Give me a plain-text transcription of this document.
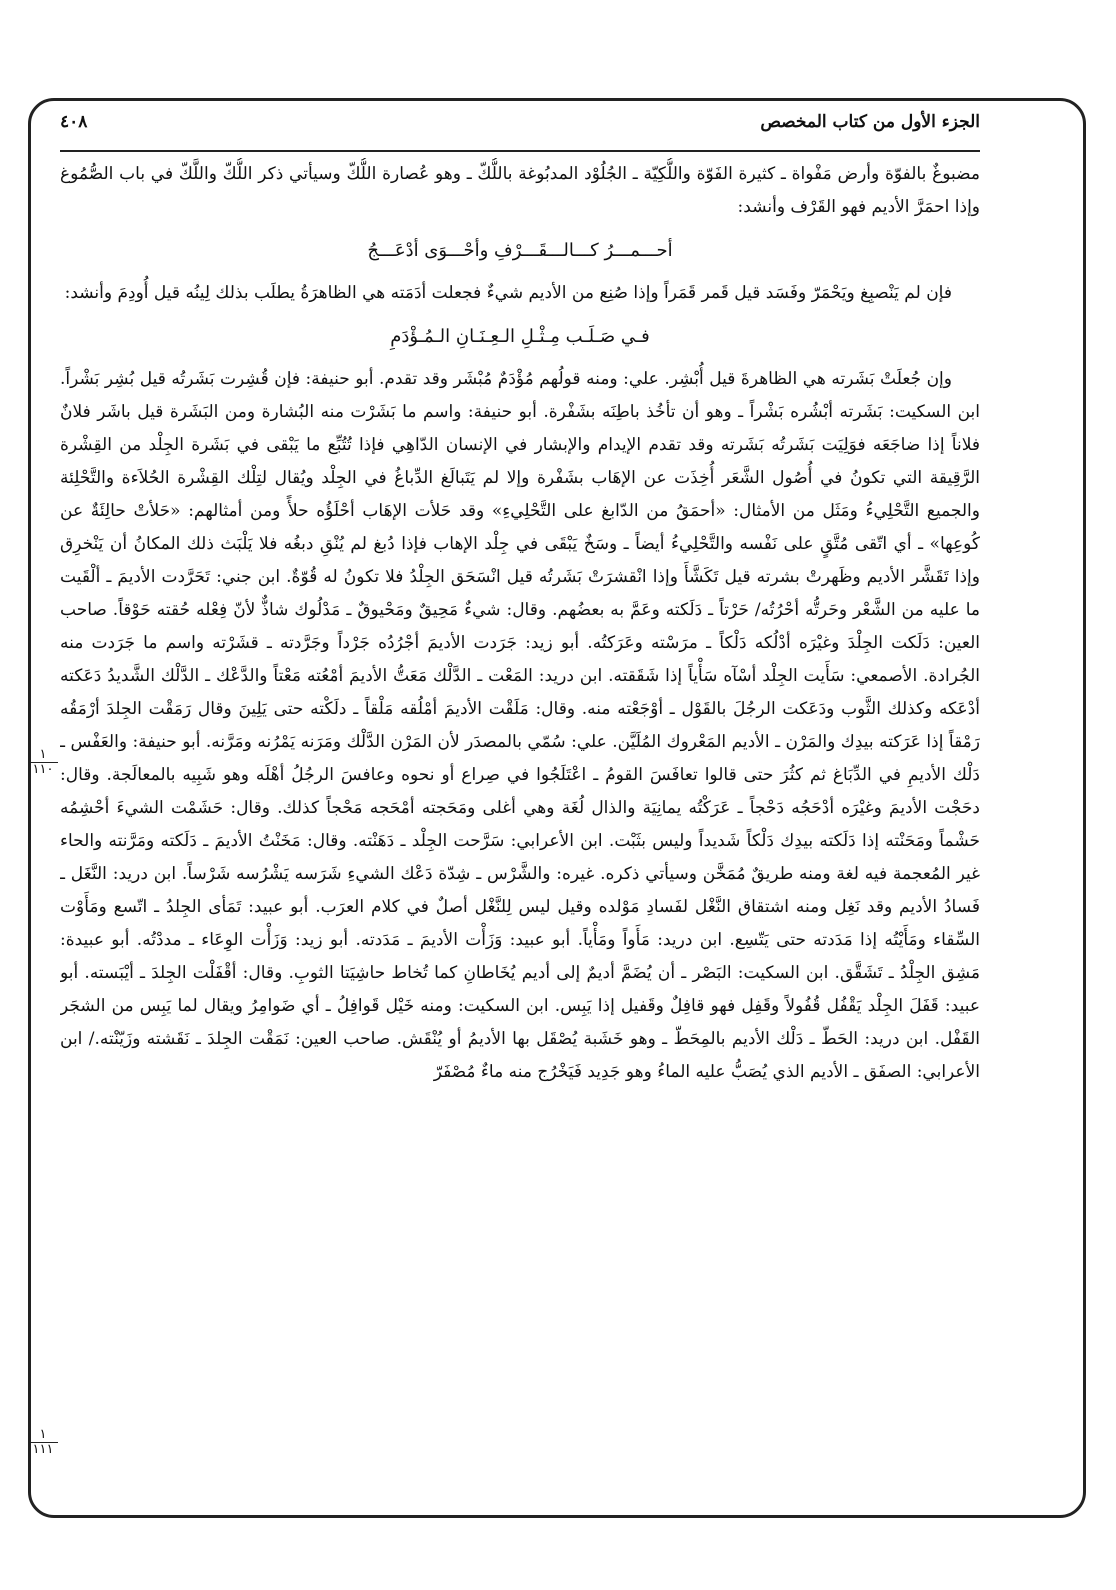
الجزء الأول من كتاب المخصص
٤٠٨

مضبوغٌ بالفوّة وأرض مَفْواة ـ كثيرة الفَوّة واللُّكِيّة ـ الجُلُوْد المدبُوغة باللُّكّ ـ وهو عُصارة اللُّكّ وسيأتي ذكر اللُّكّ واللَّكّ في باب الصُّمُوغ وإذا احمَرَّ الأديم فهو القَرْف وأنشد:

أحـــمـــرُ كـــالـــقَـــرْفِ وأحْـــوَى أدْعَـــجُ

فإن لم يَنْصبِغ ويَحْمَرّ وفَسَد قيل قَمر قَمَراً وإذا صُنِع من الأديم شيءٌ فجعلت أدَمَته هي الظاهرَةُ يطلَب بذلك لِينُه قيل أُودِمَ وأنشد:

فـي صَـلَـب مِـثْـلِ الـعِـنَـانِ الـمُـؤْدَمِ

وإن جُعلَتْ بَشَرته هي الظاهرةَ قيل أُبْشِر. علي: ومنه قولُهم مُؤْدَمٌ مُبْشَر وقد تقدم. أبو حنيفة: فإن قُشِرت بَشَرتُه قيل بُشِر بَشْراً. ابن السكيت: بَشَرته أبْشُره بَشْراً ـ وهو أن تأخُذ باطِنَه بشَفْرة. أبو حنيفة: واسم ما بَشَرْت منه البُشارة ومن البَشَرة قيل باشَر فلانٌ فلاناً إذا ضاجَعَه فوَلِيَت بَشَرتُه بَشَرته وقد تقدم الإيدام والإبشار في الإنسان الدّاهِي فإذا تُتُبِّع ما يَبْقى في بَشَرة الجِلْد من القِشْرة الرَّقِيقة التي تكونُ في أُصُول الشَّعَر أُخِذَت عن الإهَاب بشَفْرة وإلا لم يَتَبالَغ الدِّباغُ في الجِلْد ويُقال لتِلْك القِشْرة الحُلاَءة والتَّحْلِئة والجميع التَّحْلِيءُ ومَثَل من الأمثال: «أحمَقُ من الدّابغ على التَّحْلِيءِ» وقد حَلأت الإهَاب أحْلَؤُه حلأً ومن أمثالهم: «حَلأتْ حالِئَةٌ عن كُوعِها» ـ أي اتّقى مُتَّقٍ على نَفْسه والتَّحْلِيءُ أيضاً ـ وسَخٌ يَبْقَى في جِلْد الإهاب فإذا دُبغ لم يُنْقِ دبغُه فلا يَلْبَث ذلك المكانُ أن يَنْخرِق وإذا تَقَشَّر الأديم وظَهرتْ بشرته قيل تَكَشَّأَ وإذا انْقشرَتْ بَشَرتُه قيل انْسَحَق الجِلْدُ فلا تكونُ له قُوّةٌ. ابن جني: تَحَرَّدت الأديمَ ـ ألْقَيت ما عليه من الشَّعْر وحَرتُّه أحْرُتُه/ حَرْتاً ـ دَلَكته وعَمَّ به بعضُهم. وقال: شيءٌ مَحِيقٌ ومَحْيوقٌ ـ مَدْلُوك شاذٌّ لأنّ فِعْله حُقته حَوْقاً. صاحب العين: دَلَكت الجِلْدَ وغيْرَه أدْلُكه دَلْكاً ـ مرَسْته وعَرَكتُه. أبو زيد: جَرَدت الأديمَ أجْرُدُه جَرْداً وجَرَّدته ـ قشَرْته واسم ما جَرَدت منه الجُرادة. الأصمعي: سَأَيت الجِلْد أسْآه سَأْياً إذا شَقَقته. ابن دريد: المَعْت ـ الدَّلْك مَعَتُّ الأديمَ أمْعُته مَعْتاً والدَّعْك ـ الدَّلْك الشَّديدُ دَعَكته أدْعَكه وكذلك الثَّوب ودَعَكت الرجُلَ بالقَوْل ـ أوْجَعْته منه. وقال: مَلَقْت الأديمَ أمْلُقه مَلْقاً ـ دلَكْته حتى يَلِينَ وقال رَمَقْت الجِلدَ أرْمَقُه رَمْقاً إذا عَرَكته بيدِك والمَرْن ـ الأديم المَعْروك المُلَيَّن. علي: سُمّي بالمصدَر لأن المَرْن الدَّلْك ومَرَنه يَمْرُنه ومَرَّنه. أبو حنيفة: والعَفْس ـ دَلْك الأديمِ في الدِّبَاغ ثم كثُرَ حتى قالوا تعافَسَ القومُ ـ اعْتَلَجُوا في صِراع أو نحوه وعافسَ الرجُلُ أهْلَه وهو شَبِيه بالمعالَجة. وقال: دحَجْت الأديمَ وغيْرَه أدْحَجُه دَحْجاً ـ عَرَكْتُه يمانِيَة والذال لُغَة وهي أغلى ومَحَجته أمْحَجه مَحْجاً كذلك. وقال: حَشَمْت الشيءَ أحْشِمُه حَشْماً ومَحَنْته إذا دَلَكته بيدِك دَلْكاً شَديداً وليس بثَبْت. ابن الأعرابي: سَرَّحت الجِلْد ـ دَهَنْته. وقال: مَخَنْتُ الأديمَ ـ دَلَكته ومَرَّنته والحاء غير المُعجمة فيه لغة ومنه طريقٌ مُمَخَّن وسيأتي ذكره. غيره: والشَّرْس ـ شِدّة دَعْك الشيءِ شَرَسه يَشْرُسه شَرْساً. ابن دريد: النَّغَل ـ فَسادُ الأديم وقد نَغِل ومنه اشتقاق النَّغْل لفَسادِ مَوْلده وقيل ليس لِلنَّغْل أصلٌ في كلام العرَب. أبو عبيد: تَمَأى الجِلدُ ـ اتّسع ومَأَوْت السِّقاء ومَأَيْتُه إذا مَدَدته حتى يَتّسِع. ابن دريد: مَأَواً ومَأْياً. أبو عبيد: وَزَأْت الأديمَ ـ مَدَدته. أبو زيد: وَزَأْت الوِعَاء ـ مددْتُه. أبو عبيدة: مَشِق الجِلْدُ ـ تَشَقَّق. ابن السكيت: البَصْر ـ أن يُضَمَّ أديمٌ إلى أديم يُخَاطانِ كما تُخاط حاشِيَتا الثوبِ. وقال: أقْفَلْت الجِلدَ ـ أيْبَسته. أبو عبيد: قَفَلَ الجِلْد يَقْفُل قُفُولاً وقَفِل فهو قافِلٌ وقَفيل إذا يَبِس. ابن السكيت: ومنه خَيْل قَوافِلُ ـ أي ضَوامِرُ ويقال لما يَبِس من الشجَر القَفْل. ابن دريد: الحَطّ ـ دَلْك الأديم بالمِحَطّ ـ وهو خَشَبة يُصْقَل بها الأديمُ أو يُنْقَش. صاحب العين: نَمَقْت الجِلدَ ـ نَقَشته وزَيّنْته./ ابن الأعرابي: الصفَق ـ الأديم الذي يُصَبُّ عليه الماءُ وهو جَدِيد فَيَخْرُج منه ماءٌ مُصْفَرّ

١
١١٠
١
١١١
